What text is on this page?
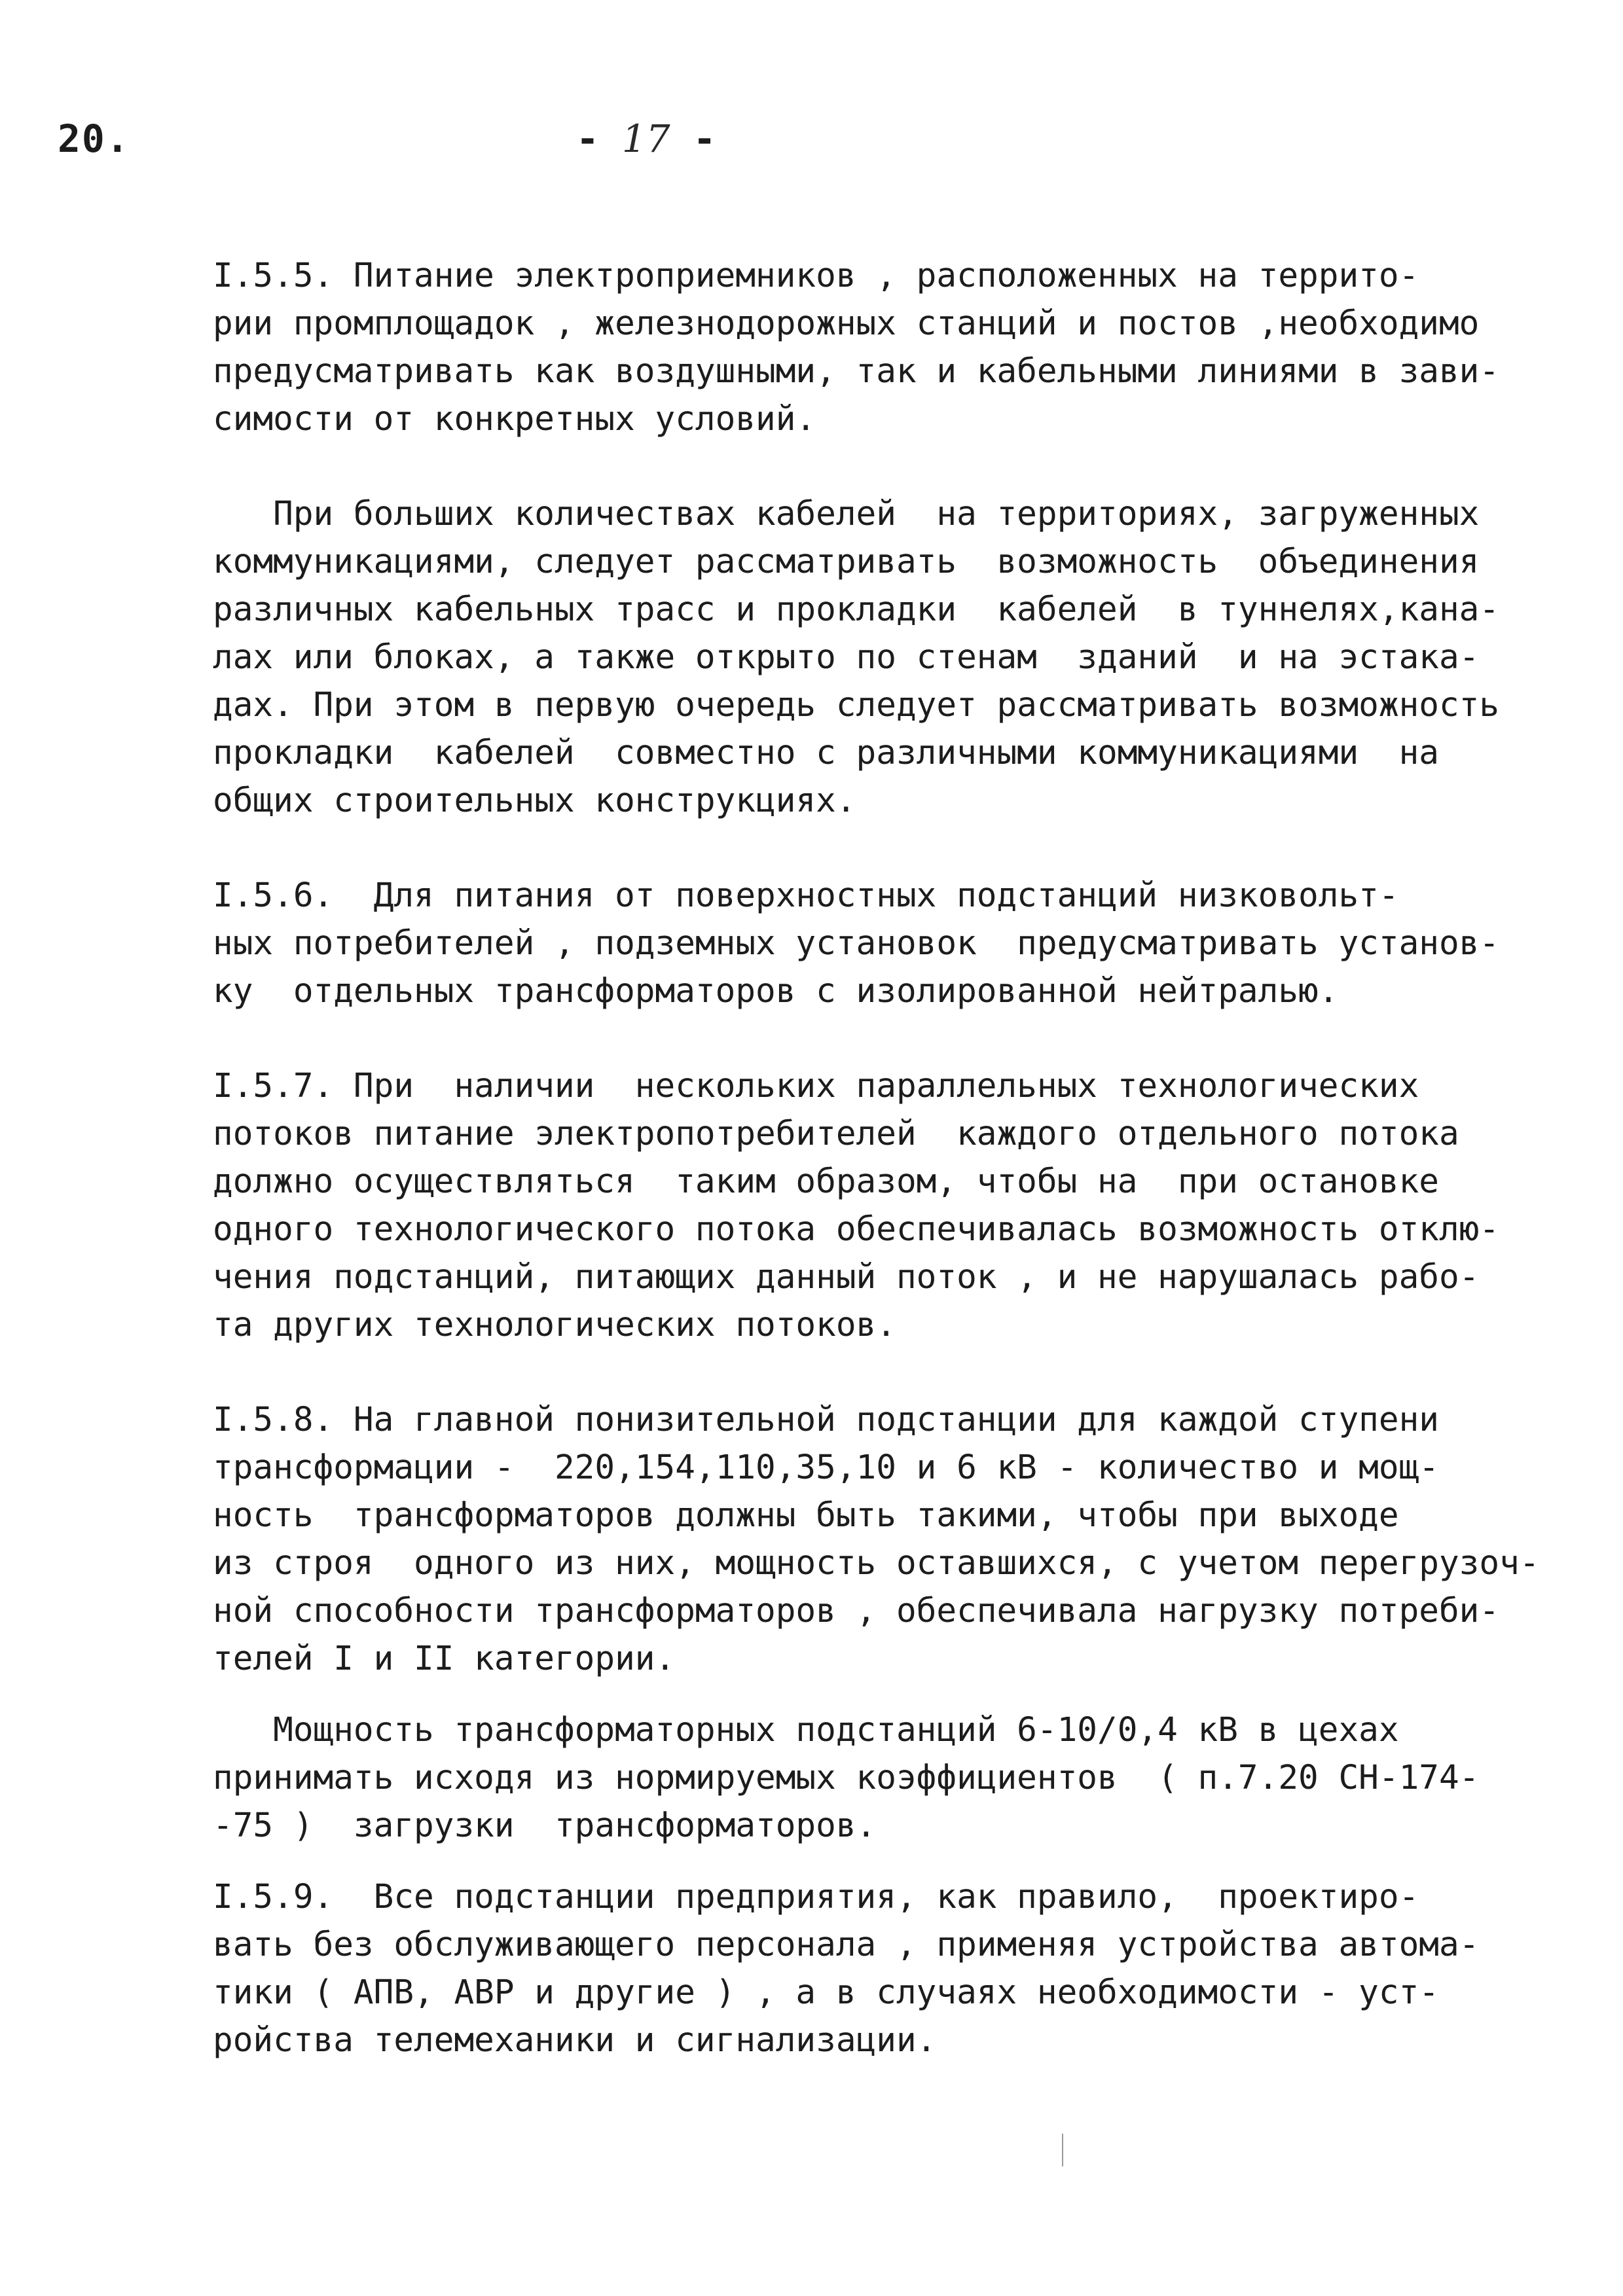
20.	- 17 -
I.5.5. Питание электроприемников , расположенных на террито-
рии промплощадок , железнодорожных станций и постов ,необходимо
предусматривать как воздушными, так и кабельными линиями в зави-
симости от конкретных условий.
При больших количествах кабелей  на территориях, загруженных
коммуникациями, следует рассматривать  возможность  объединения
различных кабельных трасс и прокладки  кабелей  в туннелях,кана-
лах или блоках, а также открыто по стенам  зданий  и на эстака-
дах. При этом в первую очередь следует рассматривать возможность
прокладки  кабелей  совместно с различными коммуникациями  на
общих строительных конструкциях.
I.5.6.  Для питания от поверхностных подстанций низковольт-
ных потребителей , подземных установок  предусматривать установ-
ку  отдельных трансформаторов с изолированной нейтралью.
I.5.7. При  наличии  нескольких параллельных технологических
потоков питание электропотребителей  каждого отдельного потока
должно осуществляться  таким образом, чтобы на  при остановке
одного технологического потока обеспечивалась возможность отклю-
чения подстанций, питающих данный поток , и не нарушалась рабо-
та других технологических потоков.
I.5.8. На главной понизительной подстанции для каждой ступени
трансформации -  220,154,110,35,10 и 6 кВ - количество и мощ-
ность  трансформаторов должны быть такими, чтобы при выходе
из строя  одного из них, мощность оставшихся, с учетом перегрузоч-
ной способности трансформаторов , обеспечивала нагрузку потреби-
телей I и II категории.
Мощность трансформаторных подстанций 6-10/0,4 кВ в цехах
принимать исходя из нормируемых коэффициентов  ( п.7.20 СН-174-
-75 )  загрузки  трансформаторов.
I.5.9.  Все подстанции предприятия, как правило,  проектиро-
вать без обслуживающего персонала , применяя устройства автома-
тики ( АПВ, АВР и другие ) , а в случаях необходимости - уст-
ройства телемеханики и сигнализации.
